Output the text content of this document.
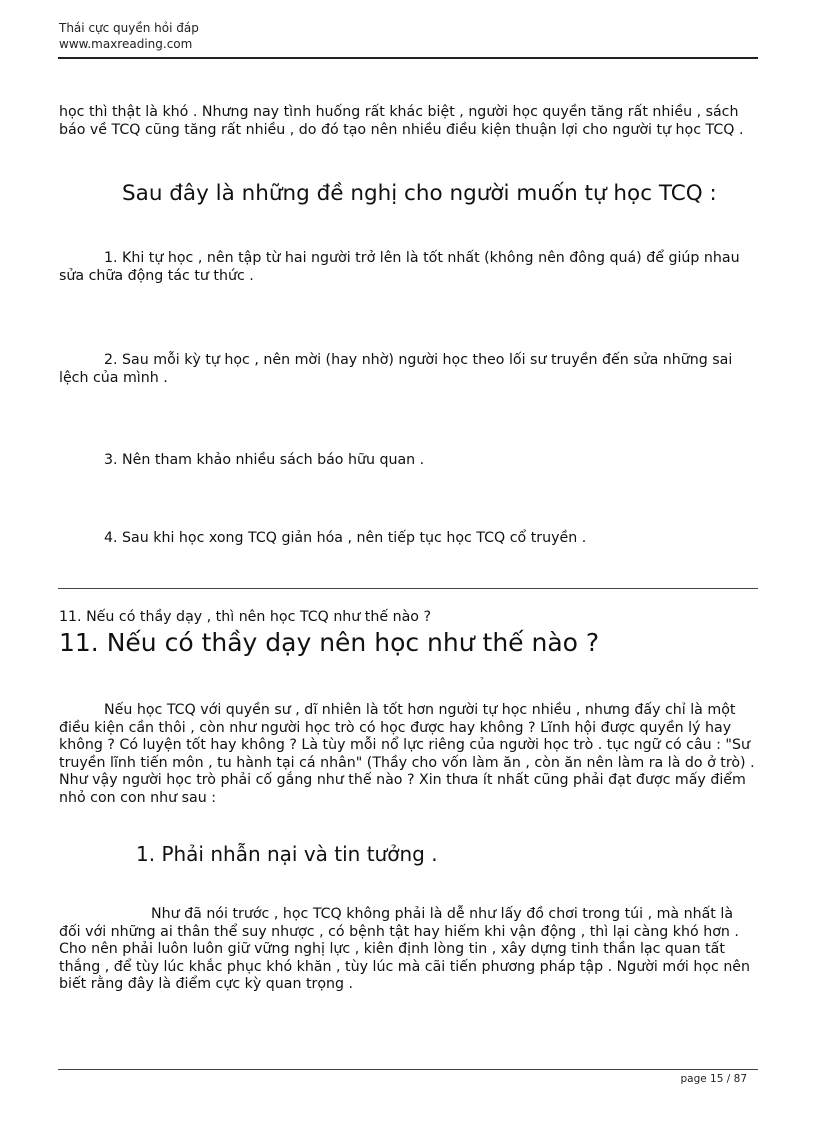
Thái cực quyền hỏi đáp
www.maxreading.com
học thì thật là khó . Nhưng nay tình huống rất khác biệt , người học quyền tăng rất nhiều , sách báo về TCQ cũng tăng rất nhiều , do đó tạo nên nhiều điều kiện thuận lợi cho người tự học TCQ .
Sau đây là những đề nghị cho người muốn tự học TCQ :
1. Khi tự học , nên tập từ hai người trở lên là tốt nhất (không nên đông quá) để giúp nhau sửa chữa động tác tư thức .
2. Sau mỗi kỳ tự học , nên mời (hay nhờ) người học theo lối sư truyền đến sửa những sai lệch của mình .
3. Nên tham khảo nhiều sách báo hữu quan .
4. Sau khi học xong TCQ giản hóa , nên tiếp tục học TCQ cổ truyền .
11. Nếu có thầy dạy , thì nên học TCQ như thế nào ?
11. Nếu có thầy dạy nên học như thế nào ?
Nếu học TCQ với quyền sư , dĩ nhiên là tốt hơn người tự học nhiều , nhưng đấy chỉ là một điều kiện cần thôi , còn như người học trò có học được hay không ? Lĩnh hội được quyền lý hay không ? Có luyện tốt hay không ? Là tùy mỗi nổ lực riêng của người học trò . tục ngữ có câu : "Sư truyền lĩnh tiến môn , tu hành tại cá nhân" (Thầy cho vốn làm ăn , còn ăn nên làm ra là do ở trò) . Như vậy người học trò phải cố gắng như thế nào ? Xin thưa ít nhất cũng phải đạt được mấy điểm nhỏ con con như sau :
1. Phải nhẫn nại và tin tưởng .
Như đã nói trước , học TCQ không phải là dễ như lấy đồ chơi trong túi , mà nhất là đối với những ai thân thể suy nhược , có bệnh tật hay hiếm khi vận động , thì lại càng khó hơn . Cho nên phải luôn luôn giữ vững nghị lực , kiên định lòng tin , xây dựng tinh thần lạc quan tất thắng , để tùy lúc khắc phục khó khăn , tùy lúc mà cãi tiến phương pháp tập . Người mới học nên biết rằng đây là điểm cực kỳ quan trọng .
page 15 / 87
